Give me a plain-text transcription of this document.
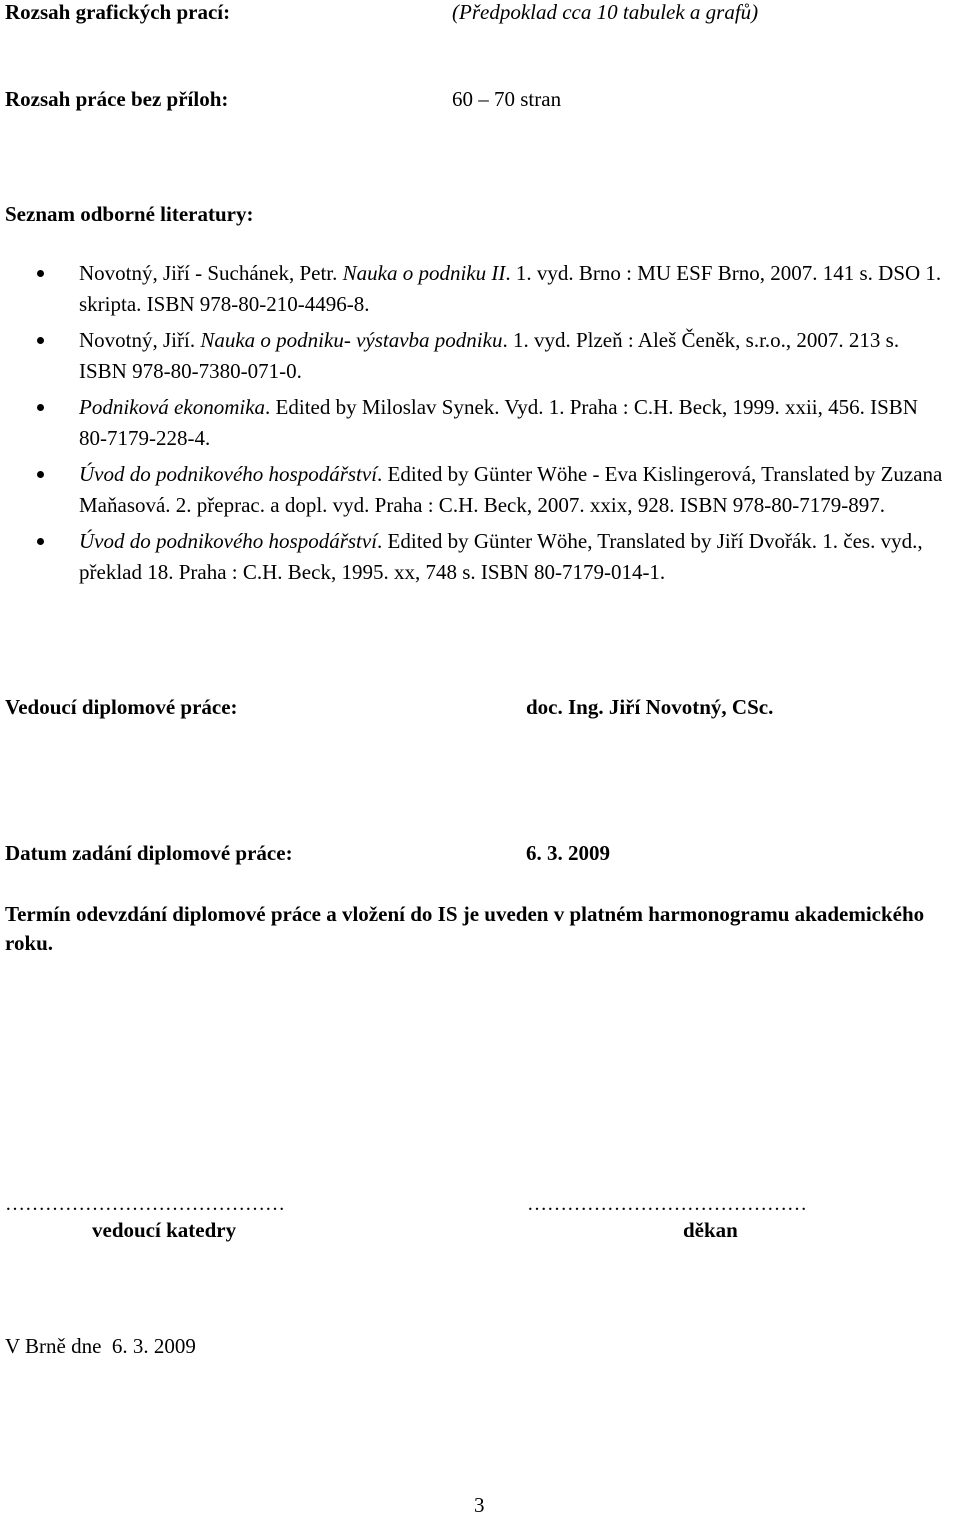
Rozsah grafických prací:	(Předpoklad cca 10 tabulek a grafů)
Rozsah práce bez příloh:	60 – 70 stran
Seznam odborné literatury:
Novotný, Jiří - Suchánek, Petr. Nauka o podniku II. 1. vyd. Brno : MU ESF Brno, 2007. 141 s. DSO 1. skripta. ISBN 978-80-210-4496-8.
Novotný, Jiří. Nauka o podniku- výstavba podniku. 1. vyd. Plzeň : Aleš Čeněk, s.r.o., 2007. 213 s. ISBN 978-80-7380-071-0.
Podniková ekonomika. Edited by Miloslav Synek. Vyd. 1. Praha : C.H. Beck, 1999. xxii, 456. ISBN 80-7179-228-4.
Úvod do podnikového hospodářství. Edited by Günter Wöhe - Eva Kislingerová, Translated by Zuzana Maňasová. 2. přeprac. a dopl. vyd. Praha : C.H. Beck, 2007. xxix, 928. ISBN 978-80-7179-897.
Úvod do podnikového hospodářství. Edited by Günter Wöhe, Translated by Jiří Dvořák. 1. čes. vyd., překlad 18. Praha : C.H. Beck, 1995. xx, 748 s. ISBN 80-7179-014-1.
Vedoucí diplomové práce:	doc. Ing. Jiří Novotný, CSc.
Datum zadání diplomové práce:	6. 3. 2009
Termín odevzdání diplomové práce a vložení do IS je uveden v platném harmonogramu akademického roku.
……………………………………
vedoucí katedry
……………………………………
děkan
V Brně dne  6. 3. 2009
3
